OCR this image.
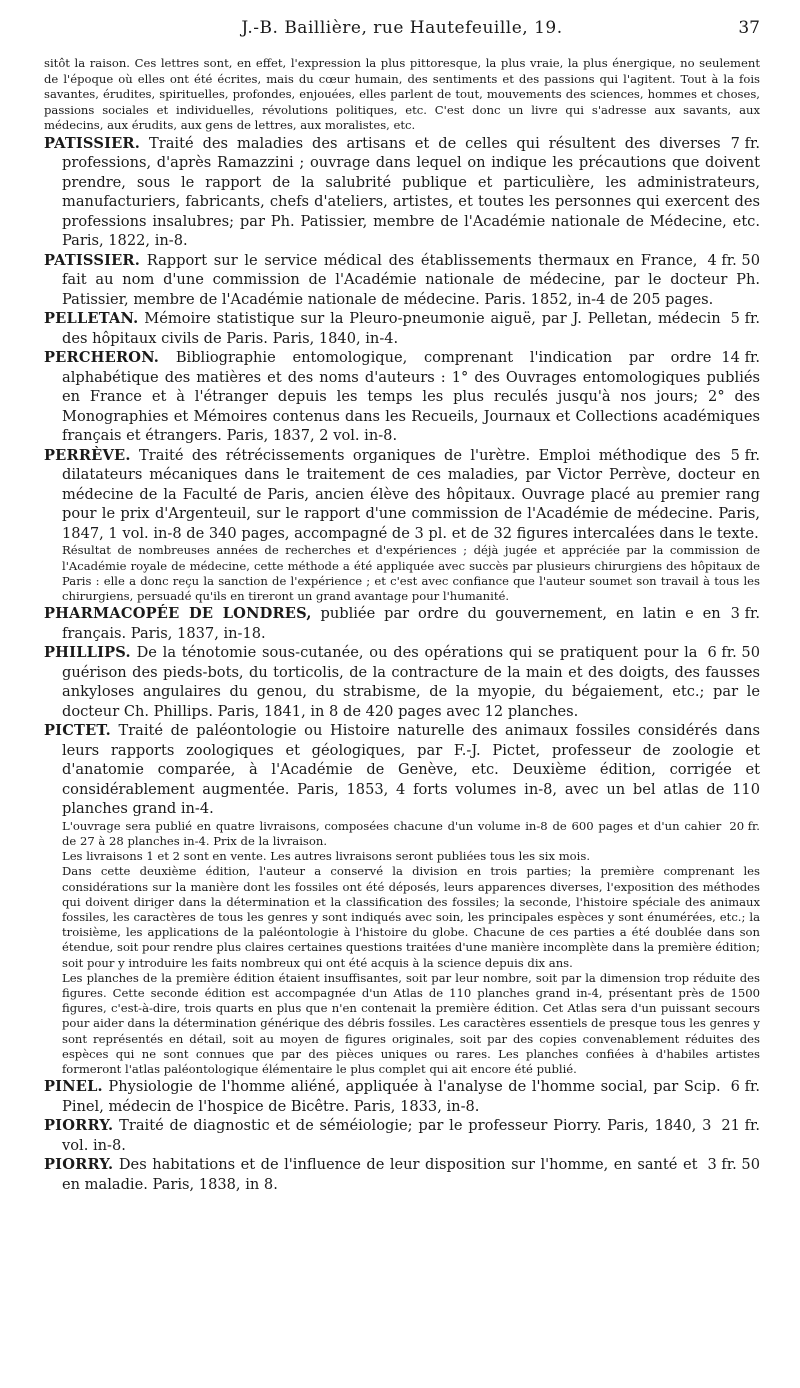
J.-B. Baillière, rue Hautefeuille, 19.	37

sitôt la raison. Ces lettres sont, en effet, l'expression la plus pittoresque, la plus vraie, la plus énergique, no seulement de l'époque où elles ont été écrites, mais du cœur humain, des sentiments et des passions qui l'agitent. Tout à la fois savantes, érudites, spirituelles, profondes, enjouées, elles parlent de tout, mouvements des sciences, hommes et choses, passions sociales et individuelles, révolutions politiques, etc. C'est donc un livre qui s'adresse aux savants, aux médecins, aux érudits, aux gens de lettres, aux moralistes, etc.

7 fr.
PATISSIER. Traité des maladies des artisans et de celles qui résultent des diverses professions, d'après Ramazzini ; ouvrage dans lequel on indique les précautions que doivent prendre, sous le rapport de la salubrité publique et particulière, les administrateurs, manufacturiers, fabricants, chefs d'ateliers, artistes, et toutes les personnes qui exercent des professions insalubres; par Ph. Patissier, membre de l'Académie nationale de Médecine, etc. Paris, 1822, in-8.

4 fr. 50
PATISSIER. Rapport sur le service médical des établissements thermaux en France, fait au nom d'une commission de l'Académie nationale de médecine, par le docteur Ph. Patissier, membre de l'Académie nationale de médecine. Paris. 1852, in-4 de 205 pages.

5 fr.
PELLETAN. Mémoire statistique sur la Pleuro-pneumonie aiguë, par J. Pelletan, médecin des hôpitaux civils de Paris. Paris, 1840, in-4.

14 fr.
PERCHERON. Bibliographie entomologique, comprenant l'indication par ordre alphabétique des matières et des noms d'auteurs : 1° des Ouvrages entomologiques publiés en France et à l'étranger depuis les temps les plus reculés jusqu'à nos jours; 2° des Monographies et Mémoires contenus dans les Recueils, Journaux et Collections académiques français et étrangers. Paris, 1837, 2 vol. in-8.

5 fr.
PERRÈVE. Traité des rétrécissements organiques de l'urètre. Emploi méthodique des dilatateurs mécaniques dans le traitement de ces maladies, par Victor Perrève, docteur en médecine de la Faculté de Paris, ancien élève des hôpitaux. Ouvrage placé au premier rang pour le prix d'Argenteuil, sur le rapport d'une commission de l'Académie de médecine. Paris, 1847, 1 vol. in-8 de 340 pages, accompagné de 3 pl. et de 32 figures intercalées dans le texte.

Résultat de nombreuses années de recherches et d'expériences ; déjà jugée et appréciée par la commission de l'Académie royale de médecine, cette méthode a été appliquée avec succès par plusieurs chirurgiens des hôpitaux de Paris : elle a donc reçu la sanction de l'expérience ; et c'est avec confiance que l'auteur soumet son travail à tous les chirurgiens, persuadé qu'ils en tireront un grand avantage pour l'humanité.

3 fr.
PHARMACOPÉE DE LONDRES, publiée par ordre du gouvernement, en latin e en français. Paris, 1837, in-18.

6 fr. 50
PHILLIPS. De la ténotomie sous-cutanée, ou des opérations qui se pratiquent pour la guérison des pieds-bots, du torticolis, de la contracture de la main et des doigts, des fausses ankyloses angulaires du genou, du strabisme, de la myopie, du bégaiement, etc.; par le docteur Ch. Phillips. Paris, 1841, in 8 de 420 pages avec 12 planches.

PICTET. Traité de paléontologie ou Histoire naturelle des animaux fossiles considérés dans leurs rapports zoologiques et géologiques, par F.-J. Pictet, professeur de zoologie et d'anatomie comparée, à l'Académie de Genève, etc. Deuxième édition, corrigée et considérablement augmentée. Paris, 1853, 4 forts volumes in-8, avec un bel atlas de 110 planches grand in-4.

20 fr.
L'ouvrage sera publié en quatre livraisons, composées chacune d'un volume in-8 de 600 pages et d'un cahier de 27 à 28 planches in-4. Prix de la livraison.

Les livraisons 1 et 2 sont en vente. Les autres livraisons seront publiées tous les six mois.

Dans cette deuxième édition, l'auteur a conservé la division en trois parties; la première comprenant les considérations sur la manière dont les fossiles ont été déposés, leurs apparences diverses, l'exposition des méthodes qui doivent diriger dans la détermination et la classification des fossiles; la seconde, l'histoire spéciale des animaux fossiles, les caractères de tous les genres y sont indiqués avec soin, les principales espèces y sont énumérées, etc.; la troisième, les applications de la paléontologie à l'histoire du globe. Chacune de ces parties a été doublée dans son étendue, soit pour rendre plus claires certaines questions traitées d'une manière incomplète dans la première édition; soit pour y introduire les faits nombreux qui ont été acquis à la science depuis dix ans.

Les planches de la première édition étaient insuffisantes, soit par leur nombre, soit par la dimension trop réduite des figures. Cette seconde édition est accompagnée d'un Atlas de 110 planches grand in-4, présentant près de 1500 figures, c'est-à-dire, trois quarts en plus que n'en contenait la première édition. Cet Atlas sera d'un puissant secours pour aider dans la détermination générique des débris fossiles. Les caractères essentiels de presque tous les genres y sont représentés en détail, soit au moyen de figures originales, soit par des copies convenablement réduites des espèces qui ne sont connues que par des pièces uniques ou rares. Les planches confiées à d'habiles artistes formeront l'atlas paléontologique élémentaire le plus complet qui ait encore été publié.

6 fr.
PINEL. Physiologie de l'homme aliéné, appliquée à l'analyse de l'homme social, par Scip. Pinel, médecin de l'hospice de Bicêtre. Paris, 1833, in-8.

21 fr.
PIORRY. Traité de diagnostic et de séméiologie; par le professeur Piorry. Paris, 1840, 3 vol. in-8.

3 fr. 50
PIORRY. Des habitations et de l'influence de leur disposition sur l'homme, en santé et en maladie. Paris, 1838, in 8.
